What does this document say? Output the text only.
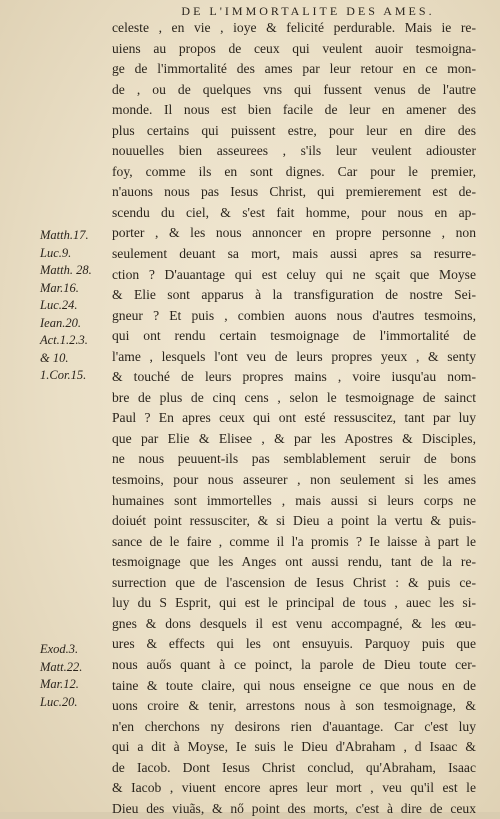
DE L'IMMORTALITE DES AMES.
celeste , en vie , ioye & felicité perdurable. Mais ie re-
uiens au propos de ceux qui veulent auoir tesmoigna-
ge de l'immortalité des ames par leur retour en ce mon-
de , ou de quelques vns qui fussent venus de l'autre
monde. Il nous est bien facile de leur en amener des
plus certains qui puissent estre, pour leur en dire des
nouuelles bien asseurees , s'ils leur veulent adiouster
foy, comme ils en sont dignes. Car pour le premier,
n'auons nous pas Iesus Christ, qui premierement est de-
scendu du ciel, & s'est fait homme, pour nous en ap-
porter , & les nous annoncer en propre personne , non
seulement deuant sa mort, mais aussi apres sa resurre-
ction ? D'auantage qui est celuy qui ne sçait que Moyse
& Elie sont apparus à la transfiguration de nostre Sei-
gneur ? Et puis , combien auons nous d'autres tesmoins,
qui ont rendu certain tesmoignage de l'immortalité de
l'ame , lesquels l'ont veu de leurs propres yeux , & senty
& touché de leurs propres mains , voire iusqu'au nom-
bre de plus de cinq cens , selon le tesmoignage de sainct
Paul ? En apres ceux qui ont esté ressuscitez, tant par luy
que par Elie & Elisee , & par les Apostres & Disciples,
ne nous peuuent-ils pas semblablement seruir de bons
tesmoins, pour nous asseurer , non seulement si les ames
humaines sont immortelles , mais aussi si leurs corps ne
doiuét point ressusciter, & si Dieu a point la vertu & puis-
sance de le faire , comme il l'a promis ? Ie laisse à part le
tesmoignage que les Anges ont aussi rendu, tant de la re-
surrection que de l'ascension de Iesus Christ : & puis ce-
luy du S Esprit, qui est le principal de tous , auec les si-
gnes & dons desquels il est venu accompagné, & les œu-
ures & effects qui les ont ensuyuis. Parquoy puis que
nous auős quant à ce poinct, la parole de Dieu toute cer-
taine & toute claire, qui nous enseigne ce que nous en de
uons croire & tenir, arrestons nous à son tesmoignage, &
n'en cherchons ny desirons rien d'auantage. Car c'est luy
qui a dit à Moyse, Ie suis le Dieu d'Abraham , d Isaac &
de Iacob. Dont Iesus Christ conclud, qu'Abraham, Isaac
& Iacob , viuent encore apres leur mort , veu qu'il est le
Dieu des viuãs, & nő point des morts, c'est à dire de ceux
Matth.17.
Luc.9.
Matth. 28.
Mar.16.
Luc.24.
Iean.20.
Act.1.2.3.
& 10.
1.Cor.15.
Exod.3.
Matt.22.
Mar.12.
Luc.20.
